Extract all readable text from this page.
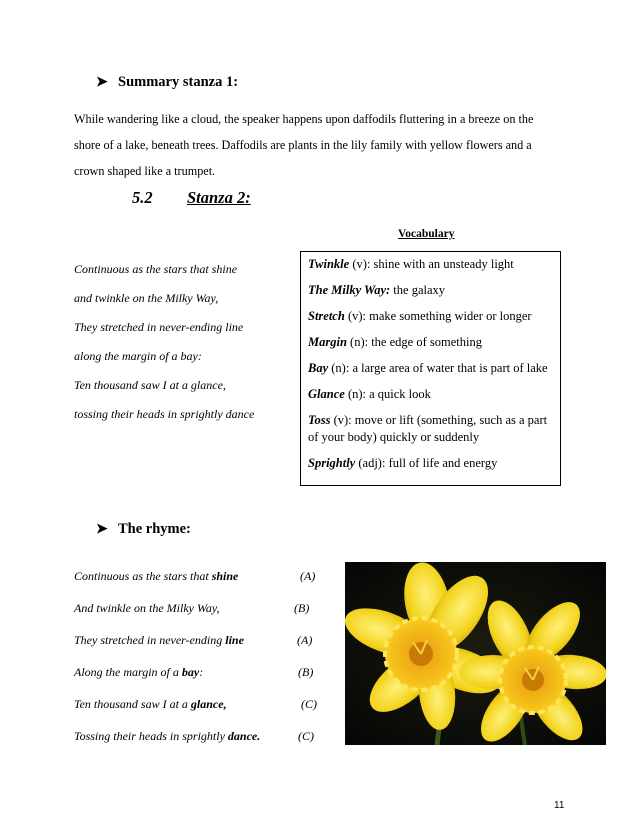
➤ Summary stanza 1:
While wandering like a cloud, the speaker happens upon daffodils fluttering in a breeze on the
shore of a lake, beneath trees. Daffodils are plants in the lily family with yellow flowers and a
crown shaped like a trumpet.
5.2 Stanza 2:
Vocabulary
Continuous as the stars that shine
and twinkle on the Milky Way,
They stretched in never-ending line
along the margin of a bay:
Ten thousand saw I at a glance,
tossing their heads in sprightly dance

Twinkle (v): shine with an unsteady light

The Milky Way: the galaxy

Stretch (v): make something wider or longer

Margin (n): the edge of something

Bay (n): a large area of water that is part of lake

Glance (n): a quick look

Toss (v): move or lift (something, such as a part of your body) quickly or suddenly

Sprightly (adj): full of life and energy

➤ The rhyme:
Continuous as the stars that shine	(A)
And twinkle on the Milky Way,	(B)
They stretched in never-ending line	(A)
Along the margin of a bay:	(B)
Ten thousand saw I at a glance,	(C)
Tossing their heads in sprightly dance.	(C)
11
